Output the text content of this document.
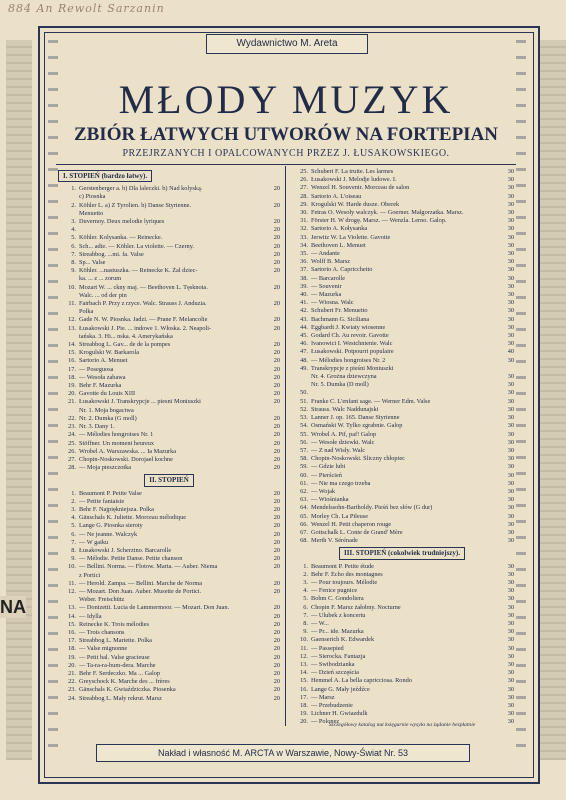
884 An Rewolt Sarzanin
Wydawnictwo M. Areta
MŁODY MUZYK
ZBIÓR ŁATWYCH UTWORÓW NA FORTEPIAN
PRZEJRZANYCH I OPALCOWANYCH PRZEZ J. ŁUSAKOWSKIEGO.
I. STOPIEŃ (bardzo łatwy).
1. Gerstenberger a. b) Dla laleczki. b) Nad kolyską.	20
c) Piosnka
2. Köhler L. a) Z Tyrolien. b) Danse Styrienne.	20
Menuetto
3. Duvernoy. Deux melodie lyriques	20
4.	20
5. Köhler. Kolysanka. — Reinecke.	20
6. Sch... adie. — Köhler. La violette. — Czerny.	20
7. Streabbog. ...mi. fa. Valse	20
8. Sp... Valse	20
9. Köhler. ...nastuszka. — Reinecke K. Żal dziec-	20
ka. ... z ... zorum
10. Mozart W. ... ckny maj. — Beethoven L. Tęsknota.	20
Walc. ... od der pin
11. Fairbach P. Przy z rzyce. Walc. Strauss J. Anduzia.	20
Polka
12. Gade N. W. Piosnka. Jadzi. — Prane F. Melancolie	20
13. Łusakowski J. Pie. ... indowe 1. Włoska. 2. Neapoli-	20
tańska. 3. Hi... nska. 4. Amerykańska
14. Streabbog L. Gav... de de la pompes	20
15. Krogulski W. Barkarola	20
16. Sartorio A. Menuet	20
17. — Poseguosa	20
18. — Wesoła zabawa	20
19. Behr F. Mazurka	20
20. Gavotte du Louis XIII	20
21. Łusakowski J. Transkrypcje ... piesni Moniuszki	20
Nr. 1. Moja bogactwa
22. Nr. 2. Dumka (G moll)	20
23. Nr. 3. Dany 1.	20
24. — Mélodies hongroises Nr. 1	20
25. Stöffner. Un moment heureux	20
26. Wrobel A. Warszawska. ... Ia Mazurka	20
27. Chopin-Noskowski. Dorojaeł kochne	20
28. — Moja pieszczotka	20
II. STOPIEŃ
1. Beaumont P. Petite Valse	20
2. — Petite fantaisie	20
3. Behr F. Najpiękniejsza. Polka	20
4. Gänschals K. Juliette. Morceau mélodique	20
5. Lange G. Piosnka sieroty	20
6. — Ne jeanne. Walczyk	20
7. — W gaiku	20
8. Łusakowski J. Scherzino. Barcarolle	20
9. — Mélodie. Petite Danse. Petite chanson	20
10. — Bellini. Norma. — Flotow. Marta. — Auber. Niema	20
z Portici
11. — Herold. Zampa. — Bellini. Marche de Norma	20
12. — Mozart. Don Juan. Auber. Musette de Portici.	20
Weber. Freischütz
13. — Donizetti. Lucia de Lammermoor. — Mozart. Don Juan.	20
14. — Idylla	20
15. Reinecke K. Trois mélodies	20
16. — Trois chansons	20
17. Streabbog L. Mariette. Polka	20
18. — Valse mignonne	20
19. — Petit bal. Valse gracieuse	20
20. — Ta-ra-ra-bum-dera. Marche	20
21. Behr F. Serdeczko. Ma ... Galop	20
22. Greyschock K. Marche des ... frères	20
23. Gänschals K. Gwiaździczka. Piosenka	20
24. Streabbog L. Mały rekrut. Marsz	20
25. Schubert F. La truite. Les larmes	30
26. Łusakowski J. Melodje ludowe. I.	30
27. Wenzel H. Souvenir. Morceau de salon	30
28. Sartorio A. L'oiseau	30
29. Krogulski W. Harde dusze. Oberek	30
30. Fetras O. Wesoły walczyk. — Goerner. Małgorzatka. Marsz.	30
31. Förster H. W drogę. Marsz. — Wenzla. Lerno. Galop.	30
32. Sartorio A. Kołysanka	30
33. Jerwitz W. La Violette. Gavotte	30
34. Beethoven L. Menuet	30
35. — Andante	30
36. Wolff B. Marsz	30
37. Sartorio A. Capricchetto	30
38. — Barcarolle	30
39. — Souvenir	30
40. — Mazurka	30
41. — Wiosna. Walc	30
42. Schubert Fr. Menuetto	30
43. Bachmann G. Siciliana	30
44. Eggbardt J. Kwiaty wiosenne	30
45. Godard Ch. Au revoir. Gavotte	30
46. Ivanowici I. Westchnienie. Walc	30
47. Łusakowski. Potpourri populaire	40
48. — Mélodies hongroises Nr. 2	30
49. Transkrypcje z pieśni Moniuszki
Nr. 4. Grożna dziewczyna	30
Nr. 5. Dumka (D moll)	30
50.	30
51. Franke C. L'enfant sage. — Werner Edm. Valse	30
52. Strauss. Walc Naddunajski	30
53. Lanner J. op. 165. Danse Styrienne	30
54. Osmański W. Tylko zgrabnie. Galop	30
55. Wrobel A. Pif, paf! Galop	30
56. — Wesołe dziewki. Walc	30
57. — Z nad Wisły. Walc	30
58. Chopin-Noskowski. Śliczny chłopiec	30
59. — Gdzie lubi	30
60. — Pierścień	30
61. — Nie ma czego trzeba	30
62. — Wojak	30
63. — Wiośnianka	30
64. Mendelssohn-Bartholdy. Pieśń bez słów (G dur)	30
65. Morley Ch. La Pileuse	30
66. Wenzel H. Petit chaperon rouge	30
67. Gottschalk L. Conte de Grand' Mère	30
68. Merth V. Sérénade	30
III. STOPIEŃ (cokolwiek trudniejszy).
1. Beaumont P. Petite étude	30
2. Behr F. Écho des montagnes	30
3. — Pour toujours. Mélodie	30
4. — Fenice pugnice	30
5. Bohm C. Gondoliera	30
6. Chopin F. Marsz żałobny. Nocturne	30
7. — Ulubek z koncertu	30
8. — W...	30
9. — Pr... ide. Mazurka	30
10. Gaenserich K. Edwardek	30
11. — Passepied	30
12. — Sierocka. Fantazja	30
13. — Swibodzianka	30
14. — Dzień szczęścia	30
15. Hemmel A. La bella capricciosa. Rondo	30
16. Lange G. Mały jeźdźce	30
17. — Marsz	30
18. — Przebudzenie	30
19. Lichner H. Gwiazdulk	30
20. — Polonez	30
Szczegółowy katalog nut księgarnie wysyła na żądanie bezpłatnie
Nakład i własność M. ARCTA w Warszawie, Nowy-Świat Nr. 53
NA
